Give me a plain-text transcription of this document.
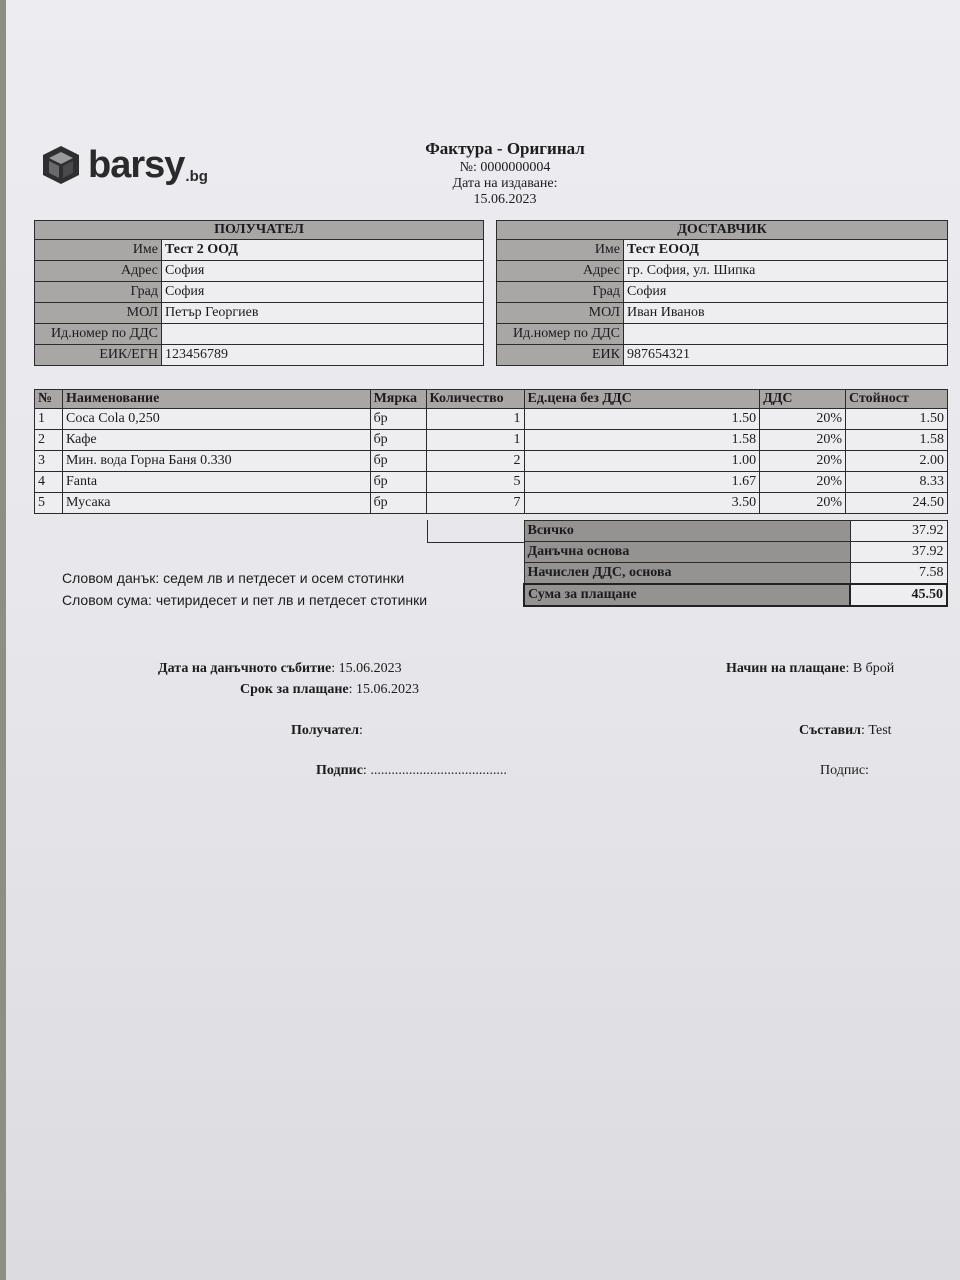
barsy .bg
Фактура - Оригинал
№: 0000000004
Дата на издаване:
15.06.2023
ПОЛУЧАТЕЛ	
Име	Тест 2 ООД
Адрес	София
Град	София
МОЛ	Петър Георгиев
Ид.номер по ДДС	
ЕИК/ЕГН	123456789
ДОСТАВЧИК	
Име	Тест ЕООД
Адрес	гр. София, ул. Шипка
Град	София
МОЛ	Иван Иванов
Ид.номер по ДДС	
ЕИК	987654321
№	Наименование	Мярка	Количество	Ед.цена без ДДС	ДДС	Стойност
1	Coca Cola 0,250	бр	1	1.50	20%	1.50
2	Кафе	бр	1	1.58	20%	1.58
3	Мин. вода Горна Баня 0.330	бр	2	1.00	20%	2.00
4	Fanta	бр	5	1.67	20%	8.33
5	Мусака	бр	7	3.50	20%	24.50
Всичко	37.92
Данъчна основа	37.92
Начислен ДДС, основа	7.58
Сума за плащане	45.50
Словом данък: седем лв и петдесет и осем стотинки
Словом сума: четиридесет и пет лв и петдесет стотинки
Дата на данъчното събитие: 15.06.2023
Срок за плащане: 15.06.2023
Начин на плащане: В брой
Получател:	Съставил: Test
Подпис: .......................................	Подпис:
